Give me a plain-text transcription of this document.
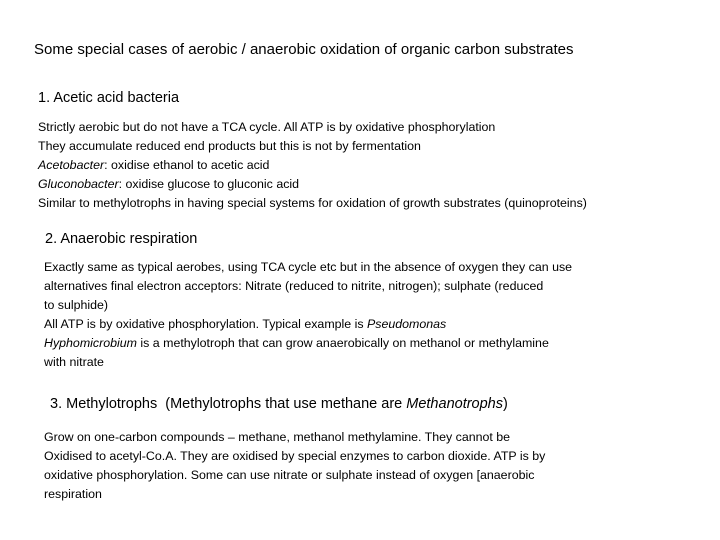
Some special cases of aerobic / anaerobic oxidation of organic carbon substrates
1. Acetic acid bacteria
Strictly aerobic but do not have a TCA cycle. All ATP is by oxidative phosphorylation
They accumulate reduced end products but this is not by fermentation
Acetobacter: oxidise ethanol to acetic acid
Gluconobacter: oxidise glucose to gluconic acid
Similar to methylotrophs in having special systems for oxidation of growth substrates (quinoproteins)
2. Anaerobic respiration
Exactly same as typical aerobes, using TCA cycle etc but in the absence of oxygen they can use
alternatives final electron acceptors: Nitrate (reduced to nitrite, nitrogen); sulphate (reduced
to sulphide)
All ATP is by oxidative phosphorylation. Typical example is Pseudomonas
Hyphomicrobium is a methylotroph that can grow anaerobically on methanol or methylamine
with nitrate
3. Methylotrophs (Methylotrophs that use methane are Methanotrophs)
Grow on one-carbon compounds – methane, methanol methylamine. They cannot be
Oxidised to acetyl-Co.A. They are oxidised by special enzymes to carbon dioxide. ATP is by
oxidative phosphorylation. Some can use nitrate or sulphate instead of oxygen [anaerobic
respiration
